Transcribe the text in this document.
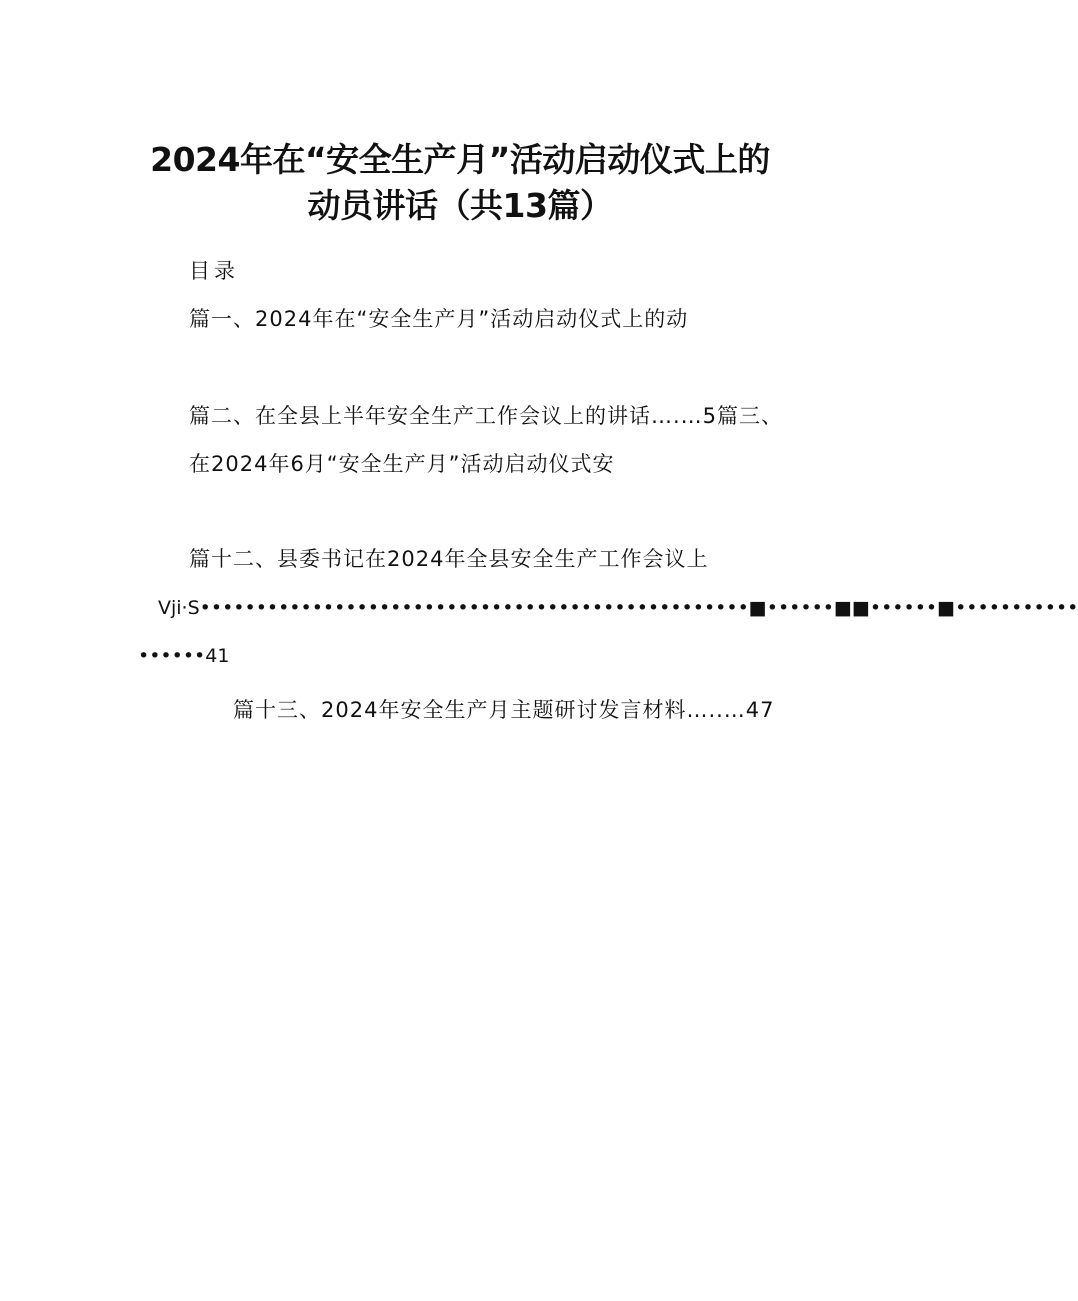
2024年在“安全生产月”活动启动仪式上的
动员讲话（共13篇）
目录
篇一、2024年在“安全生产月”活动启动仪式上的动
篇二、在全县上半年安全生产工作会议上的讲话….…5篇三、
在2024年6月“安全生产月”活动启动仪式安
篇十二、县委书记在2024年全县安全生产工作会议上
Vji·S•••••••••••••••••••••••••••••••••••••••••••••••••■••••••■■••••••■•••••••••••
••••••41
篇十三、2024年安全生产月主题研讨发言材料…..…47
